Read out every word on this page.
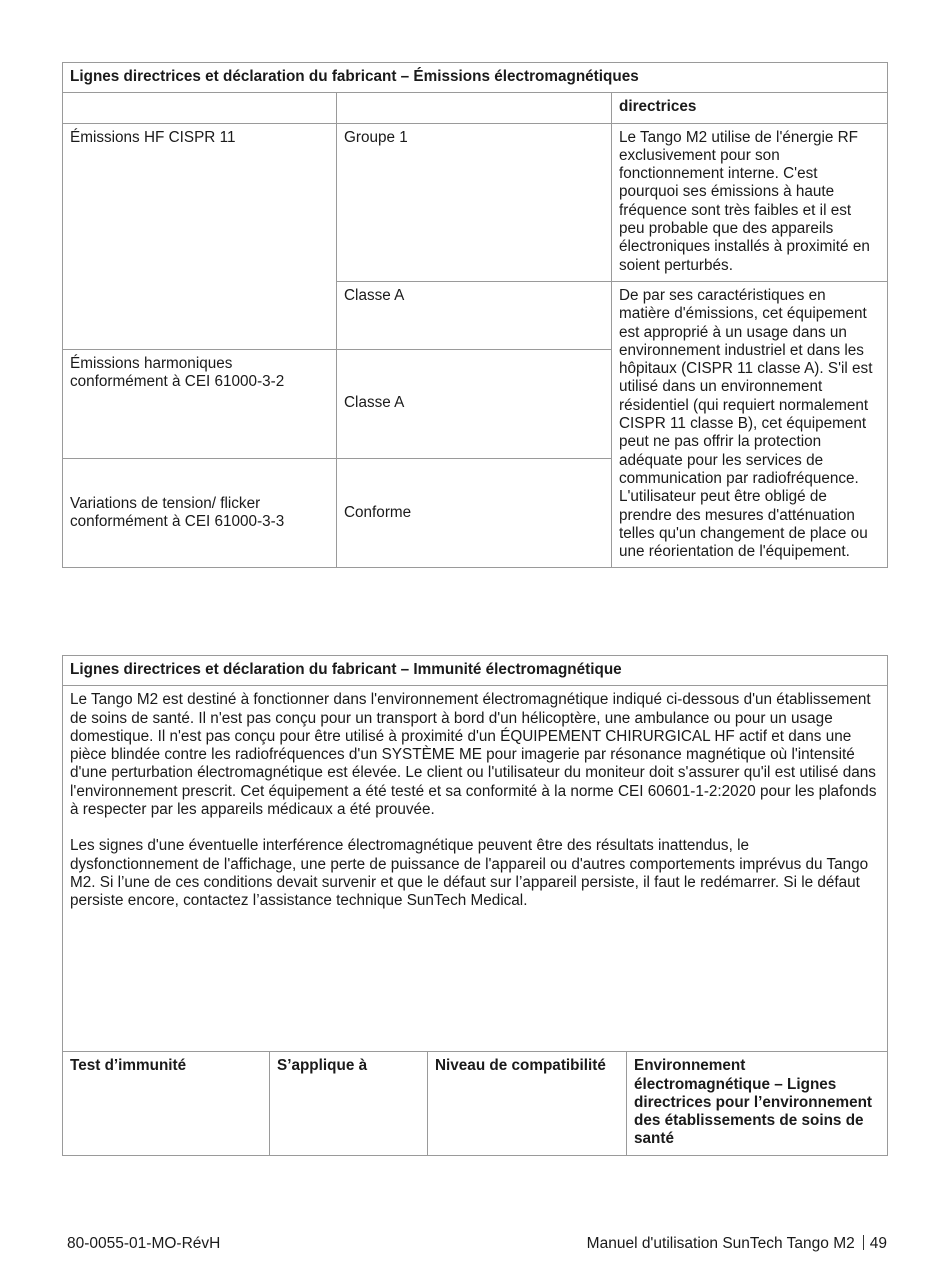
Lignes directrices et déclaration du fabricant – Émissions électromagnétiques		
		directrices
Émissions HF CISPR 11	Groupe 1	Le Tango M2 utilise de l'énergie RF exclusivement pour son fonctionnement interne. C'est pourquoi ses émissions à haute fréquence sont très faibles et il est peu probable que des appareils électroniques installés à proximité en soient perturbés.
	Classe A	De par ses caractéristiques en matière d'émissions, cet équipement est approprié à un usage dans un environnement industriel et dans les hôpitaux (CISPR 11 classe A). S'il est utilisé dans un environnement résidentiel (qui requiert normalement CISPR 11 classe B), cet équipement peut ne pas offrir la protection adéquate pour les services de communication par radiofréquence. L'utilisateur peut être obligé de prendre des mesures d'atténuation telles qu'un changement de place ou une réorientation de l'équipement.
Émissions harmoniques conformément à CEI 61000-3-2	Classe A	
Variations de tension/ flicker conformément à CEI 61000-3-3	Conforme	
Lignes directrices et déclaration du fabricant – Immunité électromagnétique

Le Tango M2 est destiné à fonctionner dans l'environnement électromagnétique indiqué ci-dessous d'un établissement de soins de santé. Il n'est pas conçu pour un transport à bord d'un hélicoptère, une ambulance ou pour un usage domestique. Il n'est pas conçu pour être utilisé à proximité d'un ÉQUIPEMENT CHIRURGICAL HF actif et dans une pièce blindée contre les radiofréquences d'un SYSTÈME ME pour imagerie par résonance magnétique où l'intensité d'une perturbation électromagnétique est élevée. Le client ou l'utilisateur du moniteur doit s'assurer qu'il est utilisé dans l'environnement prescrit. Cet équipement a été testé et sa conformité à la norme CEI 60601-1-2:2020 pour les plafonds à respecter par les appareils médicaux a été prouvée.

Les signes d'une éventuelle interférence électromagnétique peuvent être des résultats inattendus, le dysfonctionnement de l'affichage, une perte de puissance de l'appareil ou d'autres comportements imprévus du Tango M2. Si l’une de ces conditions devait survenir et que le défaut sur l’appareil persiste, il faut le redémarrer. Si le défaut persiste encore, contactez l’assistance technique SunTech Medical.

Test d’immunité	S’applique à	Niveau de compatibilité	Environnement électromagnétique – Lignes directrices pour l’environnement des établissements de soins de santé
80-0055-01-MO-RévH	Manuel d'utilisation SunTech Tango M2 49
